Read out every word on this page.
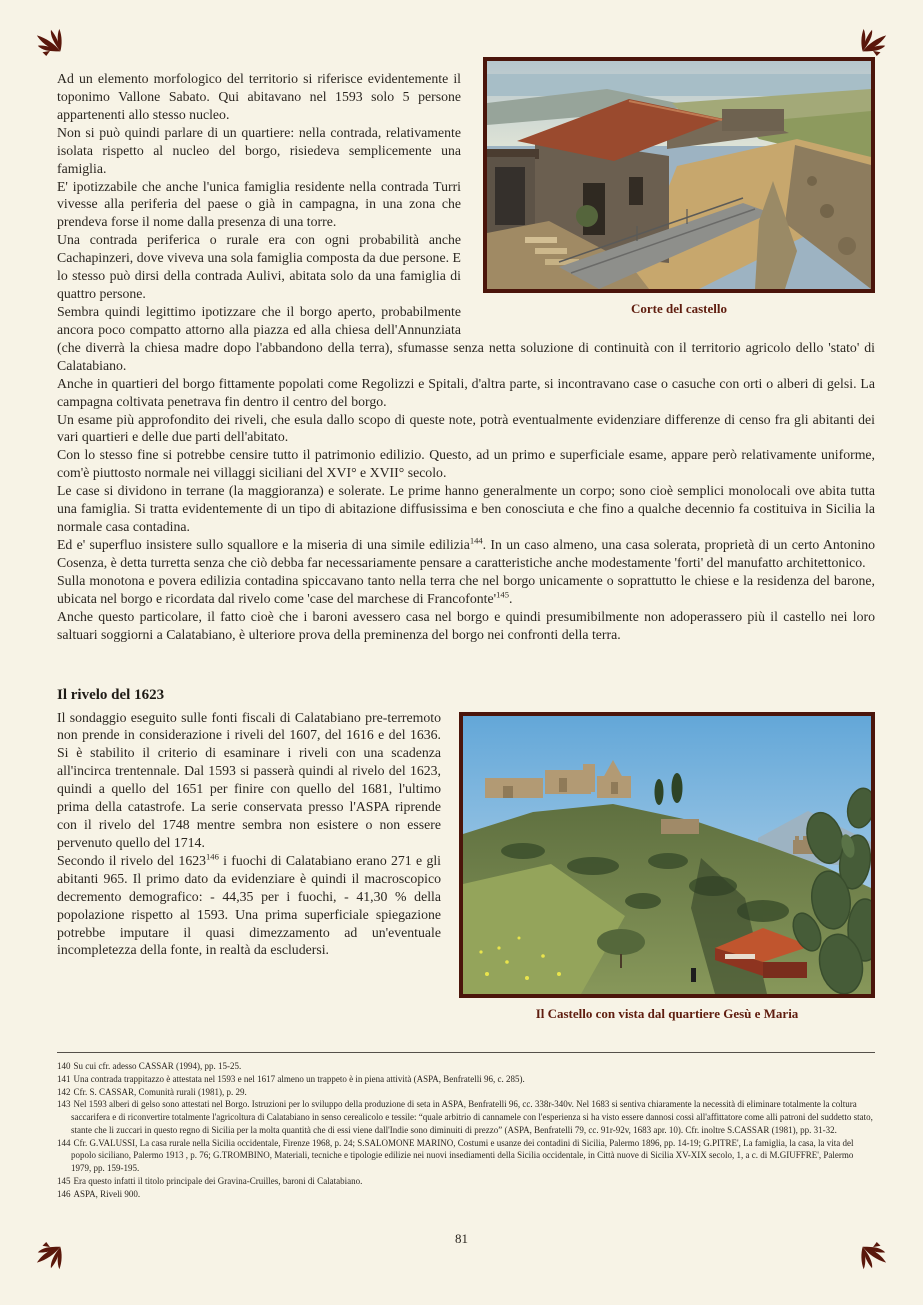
Corte del castello

Ad un elemento morfologico del territorio si riferisce evidentemente il toponimo Vallone Sabato. Qui abitavano nel 1593 solo 5 persone appartenenti allo stesso nucleo.

Non si può quindi parlare di un quartiere: nella contrada, relativamente isolata rispetto al nucleo del borgo, risiedeva semplicemente una famiglia.

E' ipotizzabile che anche l'unica famiglia residente nella contrada Turri vivesse alla periferia del paese o già in campagna, in una zona che prendeva forse il nome dalla presenza di una torre.

Una contrada periferica o rurale era con ogni probabilità anche Cachapinzeri, dove viveva una sola famiglia composta da due persone. E lo stesso può dirsi della contrada Aulivi, abitata solo da una famiglia di quattro persone.

Sembra quindi legittimo ipotizzare che il borgo aperto, probabilmente ancora poco compatto attorno alla piazza ed alla chiesa dell'Annunziata (che diverrà la chiesa madre dopo l'abbandono della terra), sfumasse senza netta soluzione di continuità con il territorio agricolo dello 'stato' di Calatabiano.

Anche in quartieri del borgo fittamente popolati come Regolizzi e Spitali, d'altra parte, si incontravano case o casuche con orti o alberi di gelsi. La campagna coltivata penetrava fin dentro il centro del borgo.

Un esame più approfondito dei riveli, che esula dallo scopo di queste note, potrà eventualmente evidenziare differenze di censo fra gli abitanti dei vari quartieri e delle due parti dell'abitato.

Con lo stesso fine si potrebbe censire tutto il patrimonio edilizio. Questo, ad un primo e superficiale esame, appare però relativamente uniforme, com'è piuttosto normale nei villaggi siciliani del XVI° e XVII° secolo.

Le case si dividono in terrane (la maggioranza) e solerate. Le prime hanno generalmente un corpo; sono cioè semplici monolocali ove abita tutta una famiglia. Si tratta evidentemente di un tipo di abitazione diffusissima e ben conosciuta e che fino a qualche decennio fa costituiva in Sicilia la normale casa contadina.

Ed e' superfluo insistere sullo squallore e la miseria di una simile edilizia$^{144}$. In un caso almeno, una casa solerata, proprietà di un certo Antonino Cosenza, è detta turretta senza che ciò debba far necessariamente pensare a caratteristiche anche modestamente 'forti' del manufatto architettonico.

Sulla monotona e povera edilizia contadina spiccavano tanto nella terra che nel borgo unicamente o soprattutto le chiese e la residenza del barone, ubicata nel borgo e ricordata dal rivelo come 'case del marchese di $Francofonte'^{145}$.

Anche questo particolare, il fatto cioè che i baroni avessero casa nel borgo e quindi presumibilmente non adoperassero più il castello nei loro saltuari soggiorni a Calatabiano, è ulteriore prova della preminenza del borgo nei confronti della terra.

Il rivelo del 1623
Il Castello con vista dal quartiere Gesù e Maria

Il sondaggio eseguito sulle fonti fiscali di Calatabiano pre-terremoto non prende in considerazione i riveli del 1607, del 1616 e del 1636. Si è stabilito il criterio di esaminare i riveli con una scadenza all'incirca trentennale. Dal 1593 si passerà quindi al rivelo del 1623, quindi a quello del 1651 per finire con quello del 1681, l'ultimo prima della catastrofe. La serie conservata presso l'ASPA riprende con il rivelo del 1748 mentre sembra non esistere o non essere pervenuto quello del 1714.

Secondo il rivelo del 1623$^{146}$ i fuochi di Calatabiano erano 271 e gli abitanti 965. Il primo dato da evidenziare è quindi il macroscopico decremento demografico: - 44,35 per i fuochi, - 41,30 % della popolazione rispetto al 1593. Una prima superficiale spiegazione potrebbe imputare il quasi dimezzamento ad un'eventuale incompletezza della fonte, in realtà da escludersi.

140 Su cui cfr. adesso CASSAR (1994), pp. 15-25.

141 Una contrada trappitazzo è attestata nel 1593 e nel 1617 almeno un trappeto è in piena attività (ASPA, Benfratelli 96, c. 285).

142 Cfr. S. CASSAR, Comunità rurali (1981), p. 29.

143 Nel 1593 alberi di gelso sono attestati nel Borgo. Istruzioni per lo sviluppo della produzione di seta in ASPA, Benfratelli 96, cc. 338r-340v. Nel 1683 si sentiva chiaramente la necessità di eliminare totalmente la coltura saccarifera e di riconvertire totalmente l'agricoltura di Calatabiano in senso cerealicolo e tessile: “quale arbitrio di cannamele con l'esperienza si ha visto essere dannosi cossì all'affittatore come alli patroni del suddetto stato, stante che li zuccari in questo regno di Sicilia per la molta quantità che di essi viene dall'Indie sono diminuiti di prezzo” (ASPA, Benfratelli 79, cc. 91r-92v, 1683 apr. 10). Cfr. inoltre S.CASSAR (1981), pp. 31-32.

144 Cfr. G.VALUSSI, La casa rurale nella Sicilia occidentale, Firenze 1968, p. 24; S.SALOMONE MARINO, Costumi e usanze dei contadini di Sicilia, Palermo 1896, pp. 14-19; G.PITRE', La famiglia, la casa, la vita del popolo siciliano, Palermo 1913 , p. 76; G.TROMBINO, Materiali, tecniche e tipologie edilizie nei nuovi insediamenti della Sicilia occidentale, in Città nuove di Sicilia XV-XIX secolo, 1, a c. di M.GIUFFRE', Palermo 1979, pp. 159-195.

145 Era questo infatti il titolo principale dei Gravina-Cruilles, baroni di Calatabiano.

146 ASPA, Riveli 900.

81
